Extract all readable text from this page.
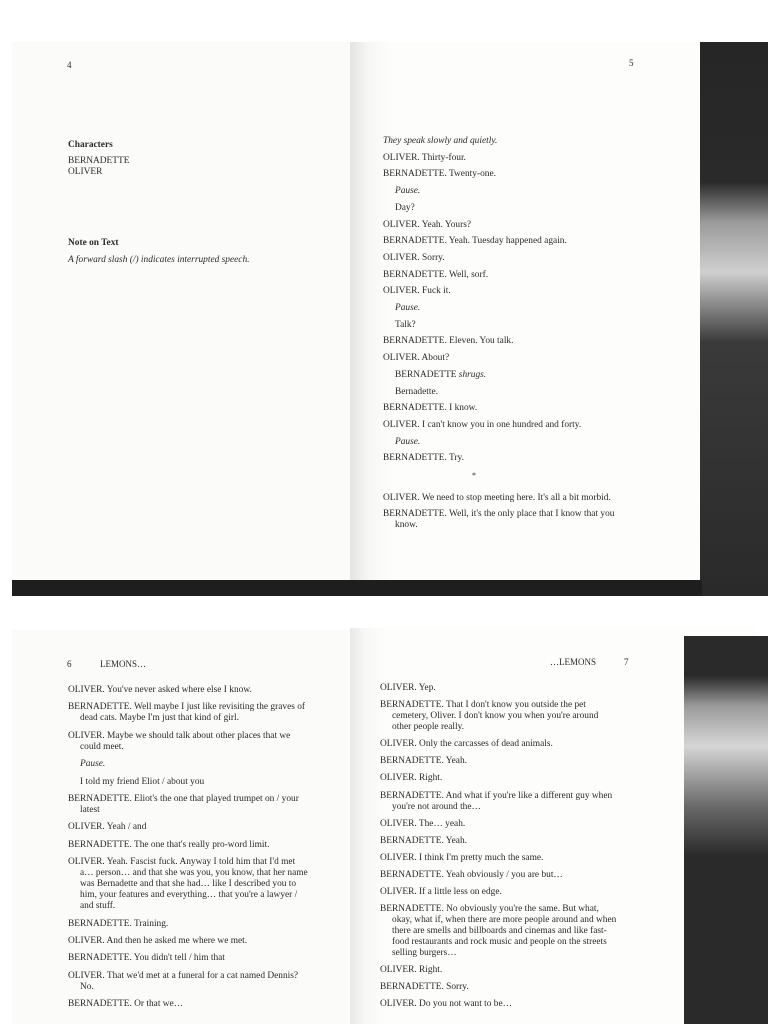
4
Characters
BERNADETTE
OLIVER
Note on Text
A forward slash (/) indicates interrupted speech.
5
They speak slowly and quietly.
OLIVER. Thirty-four.
BERNADETTE. Twenty-one.
Pause.
Day?
OLIVER. Yeah. Yours?
BERNADETTE. Yeah. Tuesday happened again.
OLIVER. Sorry.
BERNADETTE. Well, sorf.
OLIVER. Fuck it.
Pause.
Talk?
BERNADETTE. Eleven. You talk.
OLIVER. About?
BERNADETTE shrugs.
Bernadette.
BERNADETTE. I know.
OLIVER. I can't know you in one hundred and forty.
Pause.
BERNADETTE. Try.
*
OLIVER. We need to stop meeting here. It's all a bit morbid.
BERNADETTE. Well, it's the only place that I know that you
know.
6	LEMONS…
OLIVER. You've never asked where else I know.
BERNADETTE. Well maybe I just like revisiting the graves of
dead cats. Maybe I'm just that kind of girl.
OLIVER. Maybe we should talk about other places that we
could meet.
Pause.
I told my friend Eliot / about you
BERNADETTE. Eliot's the one that played trumpet on / your
latest
OLIVER. Yeah / and
BERNADETTE. The one that's really pro-word limit.
OLIVER. Yeah. Fascist fuck. Anyway I told him that I'd met
a… person… and that she was you, you know, that her name
was Bernadette and that she had… like I described you to
him, your features and everything… that you're a lawyer /
and stuff.
BERNADETTE. Training.
OLIVER. And then he asked me where we met.
BERNADETTE. You didn't tell / him that
OLIVER. That we'd met at a funeral for a cat named Dennis?
No.
BERNADETTE. Or that we…
…LEMONS	7
OLIVER. Yep.
BERNADETTE. That I don't know you outside the pet
cemetery, Oliver. I don't know you when you're around
other people really.
OLIVER. Only the carcasses of dead animals.
BERNADETTE. Yeah.
OLIVER. Right.
BERNADETTE. And what if you're like a different guy when
you're not around the…
OLIVER. The… yeah.
BERNADETTE. Yeah.
OLIVER. I think I'm pretty much the same.
BERNADETTE. Yeah obviously / you are but…
OLIVER. If a little less on edge.
BERNADETTE. No obviously you're the same. But what,
okay, what if, when there are more people around and when
there are smells and billboards and cinemas and like fast-
food restaurants and rock music and people on the streets
selling burgers…
OLIVER. Right.
BERNADETTE. Sorry.
OLIVER. Do you not want to be…
